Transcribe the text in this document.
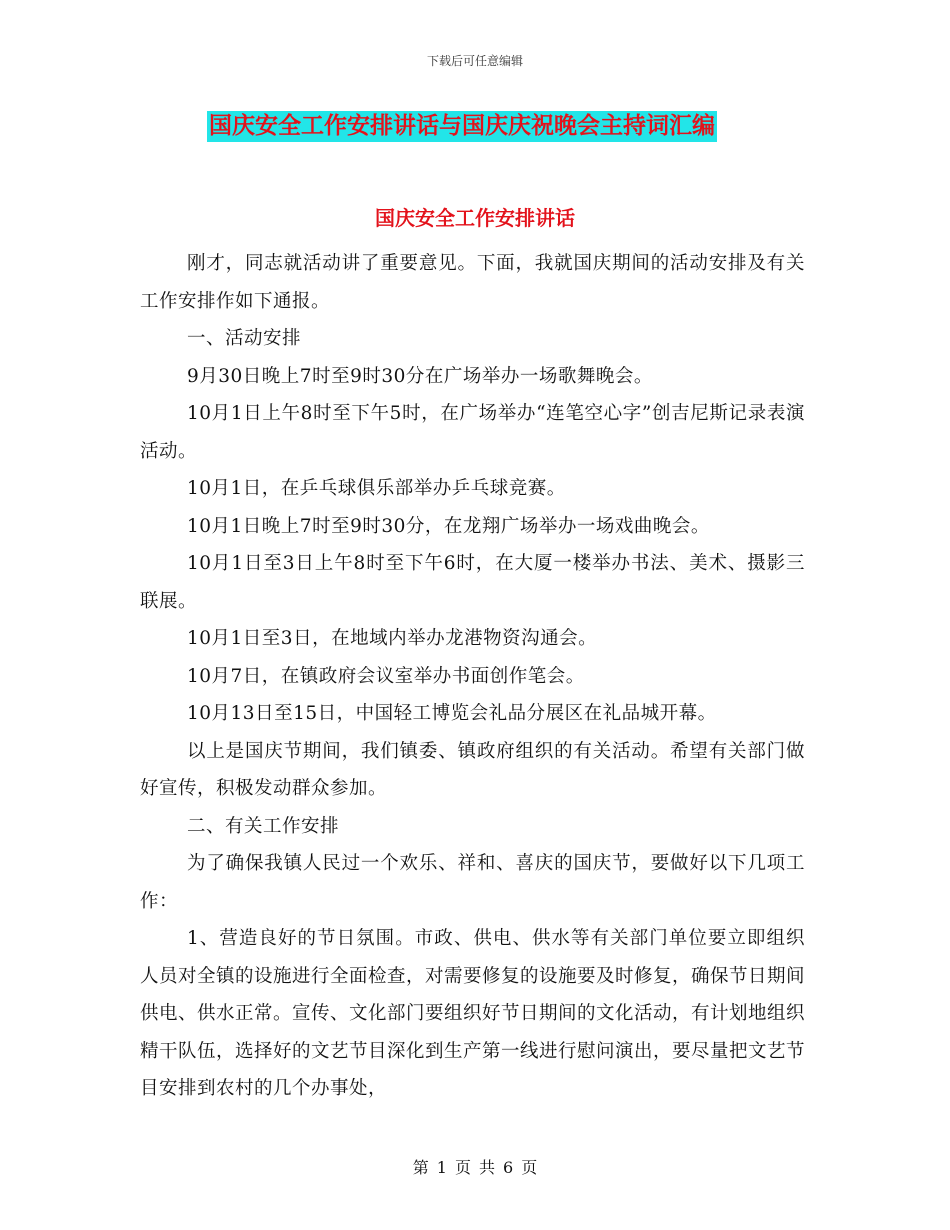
下载后可任意编辑
国庆安全工作安排讲话与国庆庆祝晚会主持词汇编
国庆安全工作安排讲话

刚才，同志就活动讲了重要意见。下面，我就国庆期间的活动安排及有关工作安排作如下通报。

一、活动安排

9月30日晚上7时至9时30分在广场举办一场歌舞晚会。

10月1日上午8时至下午5时，在广场举办“连笔空心字”创吉尼斯记录表演活动。

10月1日，在乒乓球俱乐部举办乒乓球竞赛。

10月1日晚上7时至9时30分，在龙翔广场举办一场戏曲晚会。

10月1日至3日上午8时至下午6时，在大厦一楼举办书法、美术、摄影三联展。

10月1日至3日，在地域内举办龙港物资沟通会。

10月7日，在镇政府会议室举办书面创作笔会。

10月13日至15日，中国轻工博览会礼品分展区在礼品城开幕。

以上是国庆节期间，我们镇委、镇政府组织的有关活动。希望有关部门做好宣传，积极发动群众参加。

二、有关工作安排

为了确保我镇人民过一个欢乐、祥和、喜庆的国庆节，要做好以下几项工作：

1、营造良好的节日氛围。市政、供电、供水等有关部门单位要立即组织人员对全镇的设施进行全面检查，对需要修复的设施要及时修复，确保节日期间供电、供水正常。宣传、文化部门要组织好节日期间的文化活动，有计划地组织精干队伍，选择好的文艺节目深化到生产第一线进行慰问演出，要尽量把文艺节目安排到农村的几个办事处，

第 1 页 共 6 页
